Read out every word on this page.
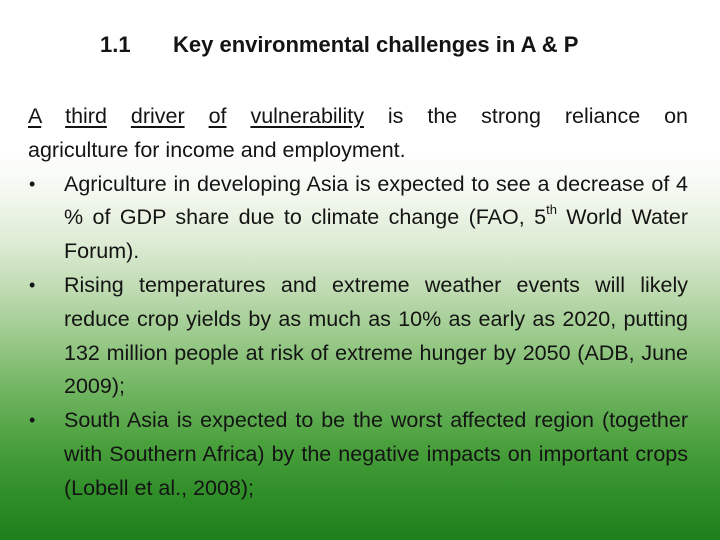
1.1 Key environmental challenges in A & P

A third driver of vulnerability is the strong reliance on
agriculture for income and employment.

• Agriculture in developing Asia is expected to see a decrease of 4 % of GDP share due to climate change (FAO, 5th World Water Forum).
• Rising temperatures and extreme weather events will likely reduce crop yields by as much as 10% as early as 2020, putting 132 million people at risk of extreme hunger by 2050 (ADB, June 2009);
• South Asia is expected to be the worst affected region (together with Southern Africa) by the negative impacts on important crops (Lobell et al., 2008);
